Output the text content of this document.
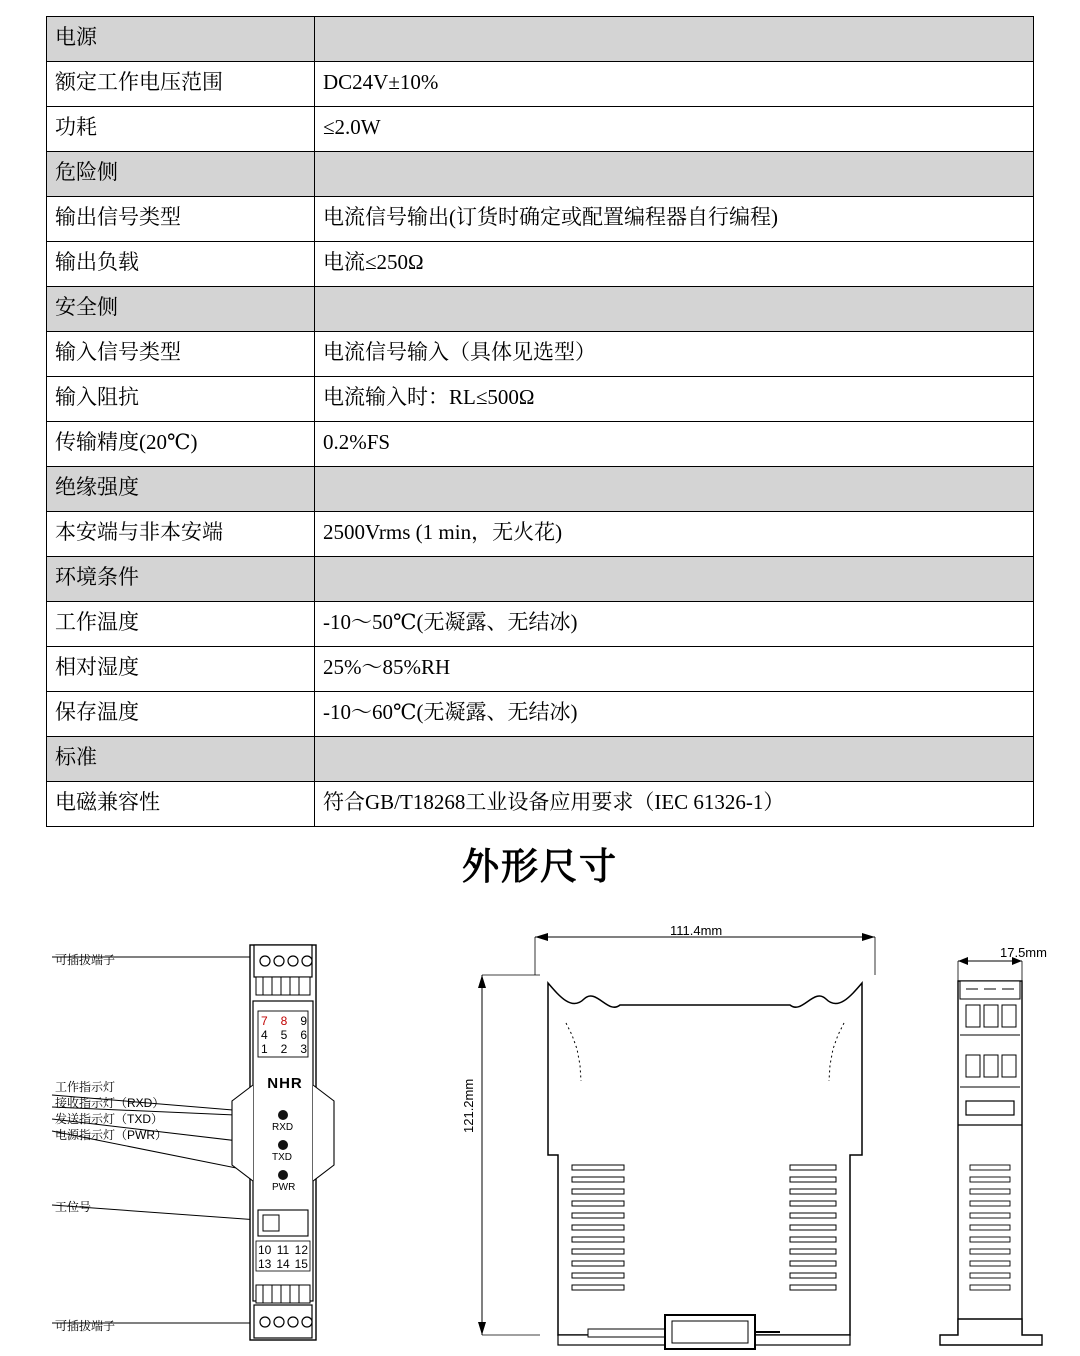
电源	
额定工作电压范围	DC24V±10%
功耗	≤2.0W
危险侧	
输出信号类型	电流信号输出(订货时确定或配置编程器自行编程)
输出负载	电流≤250Ω
安全侧	
输入信号类型	电流信号输入（具体见选型）
输入阻抗	电流输入时：RL≤500Ω
传输精度(20℃)	0.2%FS
绝缘强度	
本安端与非本安端	2500Vrms (1 min，无火花)
环境条件	
工作温度	-10～50℃(无凝露、无结冰)
相对湿度	25%～85%RH
保存温度	-10～60℃(无凝露、无结冰)
标准	
电磁兼容性	符合GB/T18268工业设备应用要求（IEC 61326-1）
外形尺寸
可插拔端子
工作指示灯
接收指示灯（RXD）
发送指示灯（TXD）
电源指示灯（PWR）
工位号
可插拔端子
7 8 9
4 5 6
1 2 3
NHR
RXD
TXD
PWR
10 11 12
13 14 15
111.4mm
121.2mm
17.5mm
